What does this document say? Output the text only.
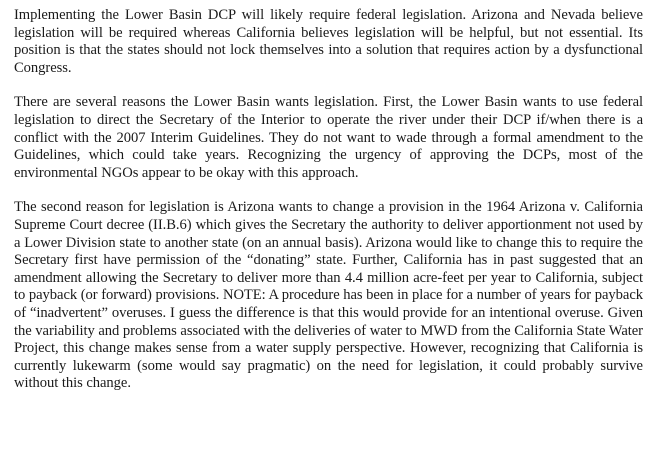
Implementing the Lower Basin DCP will likely require federal legislation. Arizona and Nevada believe legislation will be required whereas California believes legislation will be helpful, but not essential. Its position is that the states should not lock themselves into a solution that requires action by a dysfunctional Congress.

There are several reasons the Lower Basin wants legislation. First, the Lower Basin wants to use federal legislation to direct the Secretary of the Interior to operate the river under their DCP if/when there is a conflict with the 2007 Interim Guidelines. They do not want to wade through a formal amendment to the Guidelines, which could take years. Recognizing the urgency of approving the DCPs, most of the environmental NGOs appear to be okay with this approach.

The second reason for legislation is Arizona wants to change a provision in the 1964 Arizona v. California Supreme Court decree (II.B.6) which gives the Secretary the authority to deliver apportionment not used by a Lower Division state to another state (on an annual basis). Arizona would like to change this to require the Secretary first have permission of the “donating” state. Further, California has in past suggested that an amendment allowing the Secretary to deliver more than 4.4 million acre-feet per year to California, subject to payback (or forward) provisions. NOTE: A procedure has been in place for a number of years for payback of “inadvertent” overuses. I guess the difference is that this would provide for an intentional overuse. Given the variability and problems associated with the deliveries of water to MWD from the California State Water Project, this change makes sense from a water supply perspective. However, recognizing that California is currently lukewarm (some would say pragmatic) on the need for legislation, it could probably survive without this change.
